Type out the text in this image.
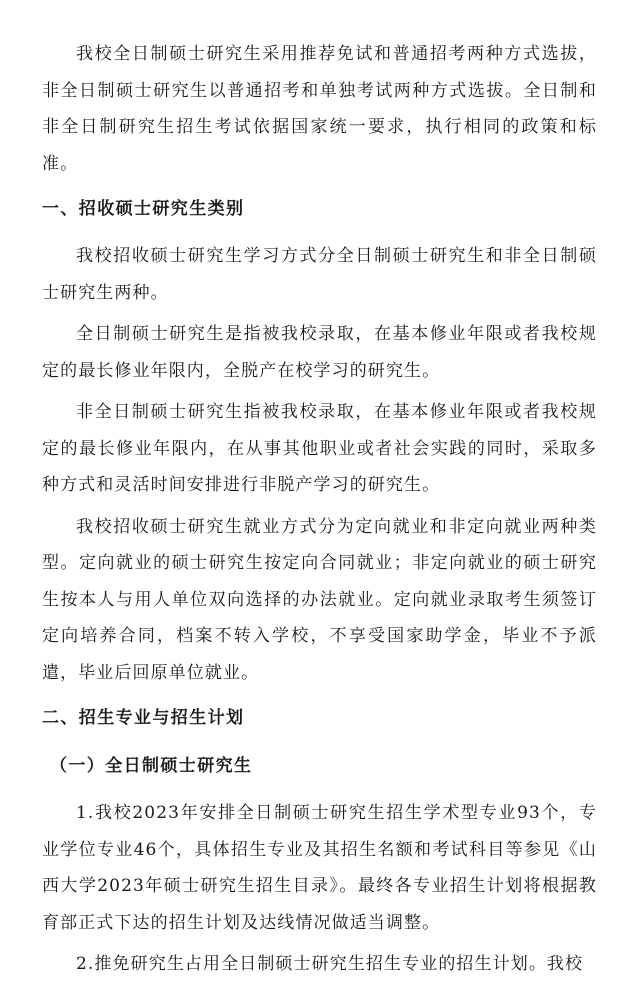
我校全日制硕士研究生采用推荐免试和普通招考两种方式选拔，非全日制硕士研究生以普通招考和单独考试两种方式选拔。全日制和非全日制研究生招生考试依据国家统一要求，执行相同的政策和标准。

一、招收硕士研究生类别

我校招收硕士研究生学习方式分全日制硕士研究生和非全日制硕士研究生两种。

全日制硕士研究生是指被我校录取，在基本修业年限或者我校规定的最长修业年限内，全脱产在校学习的研究生。

非全日制硕士研究生指被我校录取，在基本修业年限或者我校规定的最长修业年限内，在从事其他职业或者社会实践的同时，采取多种方式和灵活时间安排进行非脱产学习的研究生。

我校招收硕士研究生就业方式分为定向就业和非定向就业两种类型。定向就业的硕士研究生按定向合同就业；非定向就业的硕士研究生按本人与用人单位双向选择的办法就业。定向就业录取考生须签订定向培养合同，档案不转入学校，不享受国家助学金，毕业不予派遣，毕业后回原单位就业。

二、招生专业与招生计划
（一）全日制硕士研究生

1.我校2023年安排全日制硕士研究生招生学术型专业93个，专业学位专业46个，具体招生专业及其招生名额和考试科目等参见《山西大学2023年硕士研究生招生目录》。最终各专业招生计划将根据教育部正式下达的招生计划及达线情况做适当调整。

2.推免研究生占用全日制硕士研究生招生专业的招生计划。我校
